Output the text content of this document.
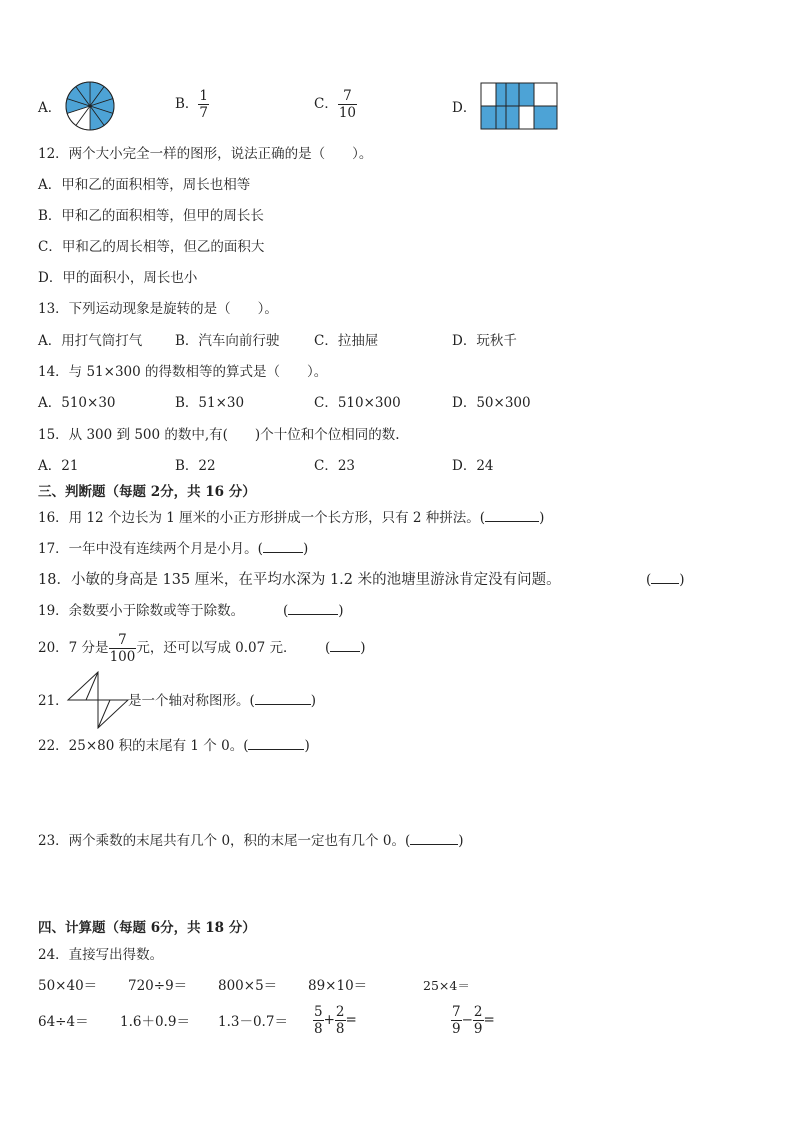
A．	B． $\frac{1}{7}$	C． $\frac{7}{10}$	D．
12．两个大小完全一样的图形，说法正确的是（　　）。
A．甲和乙的面积相等，周长也相等
B．甲和乙的面积相等，但甲的周长长
C．甲和乙的周长相等，但乙的面积大
D．甲的面积小，周长也小
13．下列运动现象是旋转的是（　　）。
A．用打气筒打气 B．汽车向前行驶	C．拉抽屉	D．玩秋千
14．与 51×300 的得数相等的算式是（　　）。
A．510×30	B．51×30	C．510×300	D．50×300
15．从 300 到 500 的数中,有(　　)个十位和个位相同的数.
A．21	B．22	C．23	D．24
三、判断题（每题 2分，共 16 分）
16．用 12 个边长为 1 厘米的小正方形拼成一个长方形，只有 2 种拼法。(	)
17．一年中没有连续两个月是小月。(	)
18．小敏的身高是 135 厘米，在平均水深为 1.2 米的池塘里游泳肯定没有问题。	( )
19．余数要小于除数或等于除数。	(	)
20．7 分是 $\frac{7}{100}$ 元，还可以写成 0.07 元． ( )
21．	是一个轴对称图形。(	)
22．25×80 积的末尾有 1 个 0。(	)
23．两个乘数的末尾共有几个 0，积的末尾一定也有几个 0。(	)
四、计算题（每题 6分，共 18 分）
24．直接写出得数。
50×40＝ 720÷9＝ 800×5＝ 89×10＝	25×4＝
$64\div 4= 1.6+0.9= 1.3-0.7= \frac{5}{8} + \frac{2}{8}$ =	$\frac{7}{9} - \frac{2}{9}$ =
